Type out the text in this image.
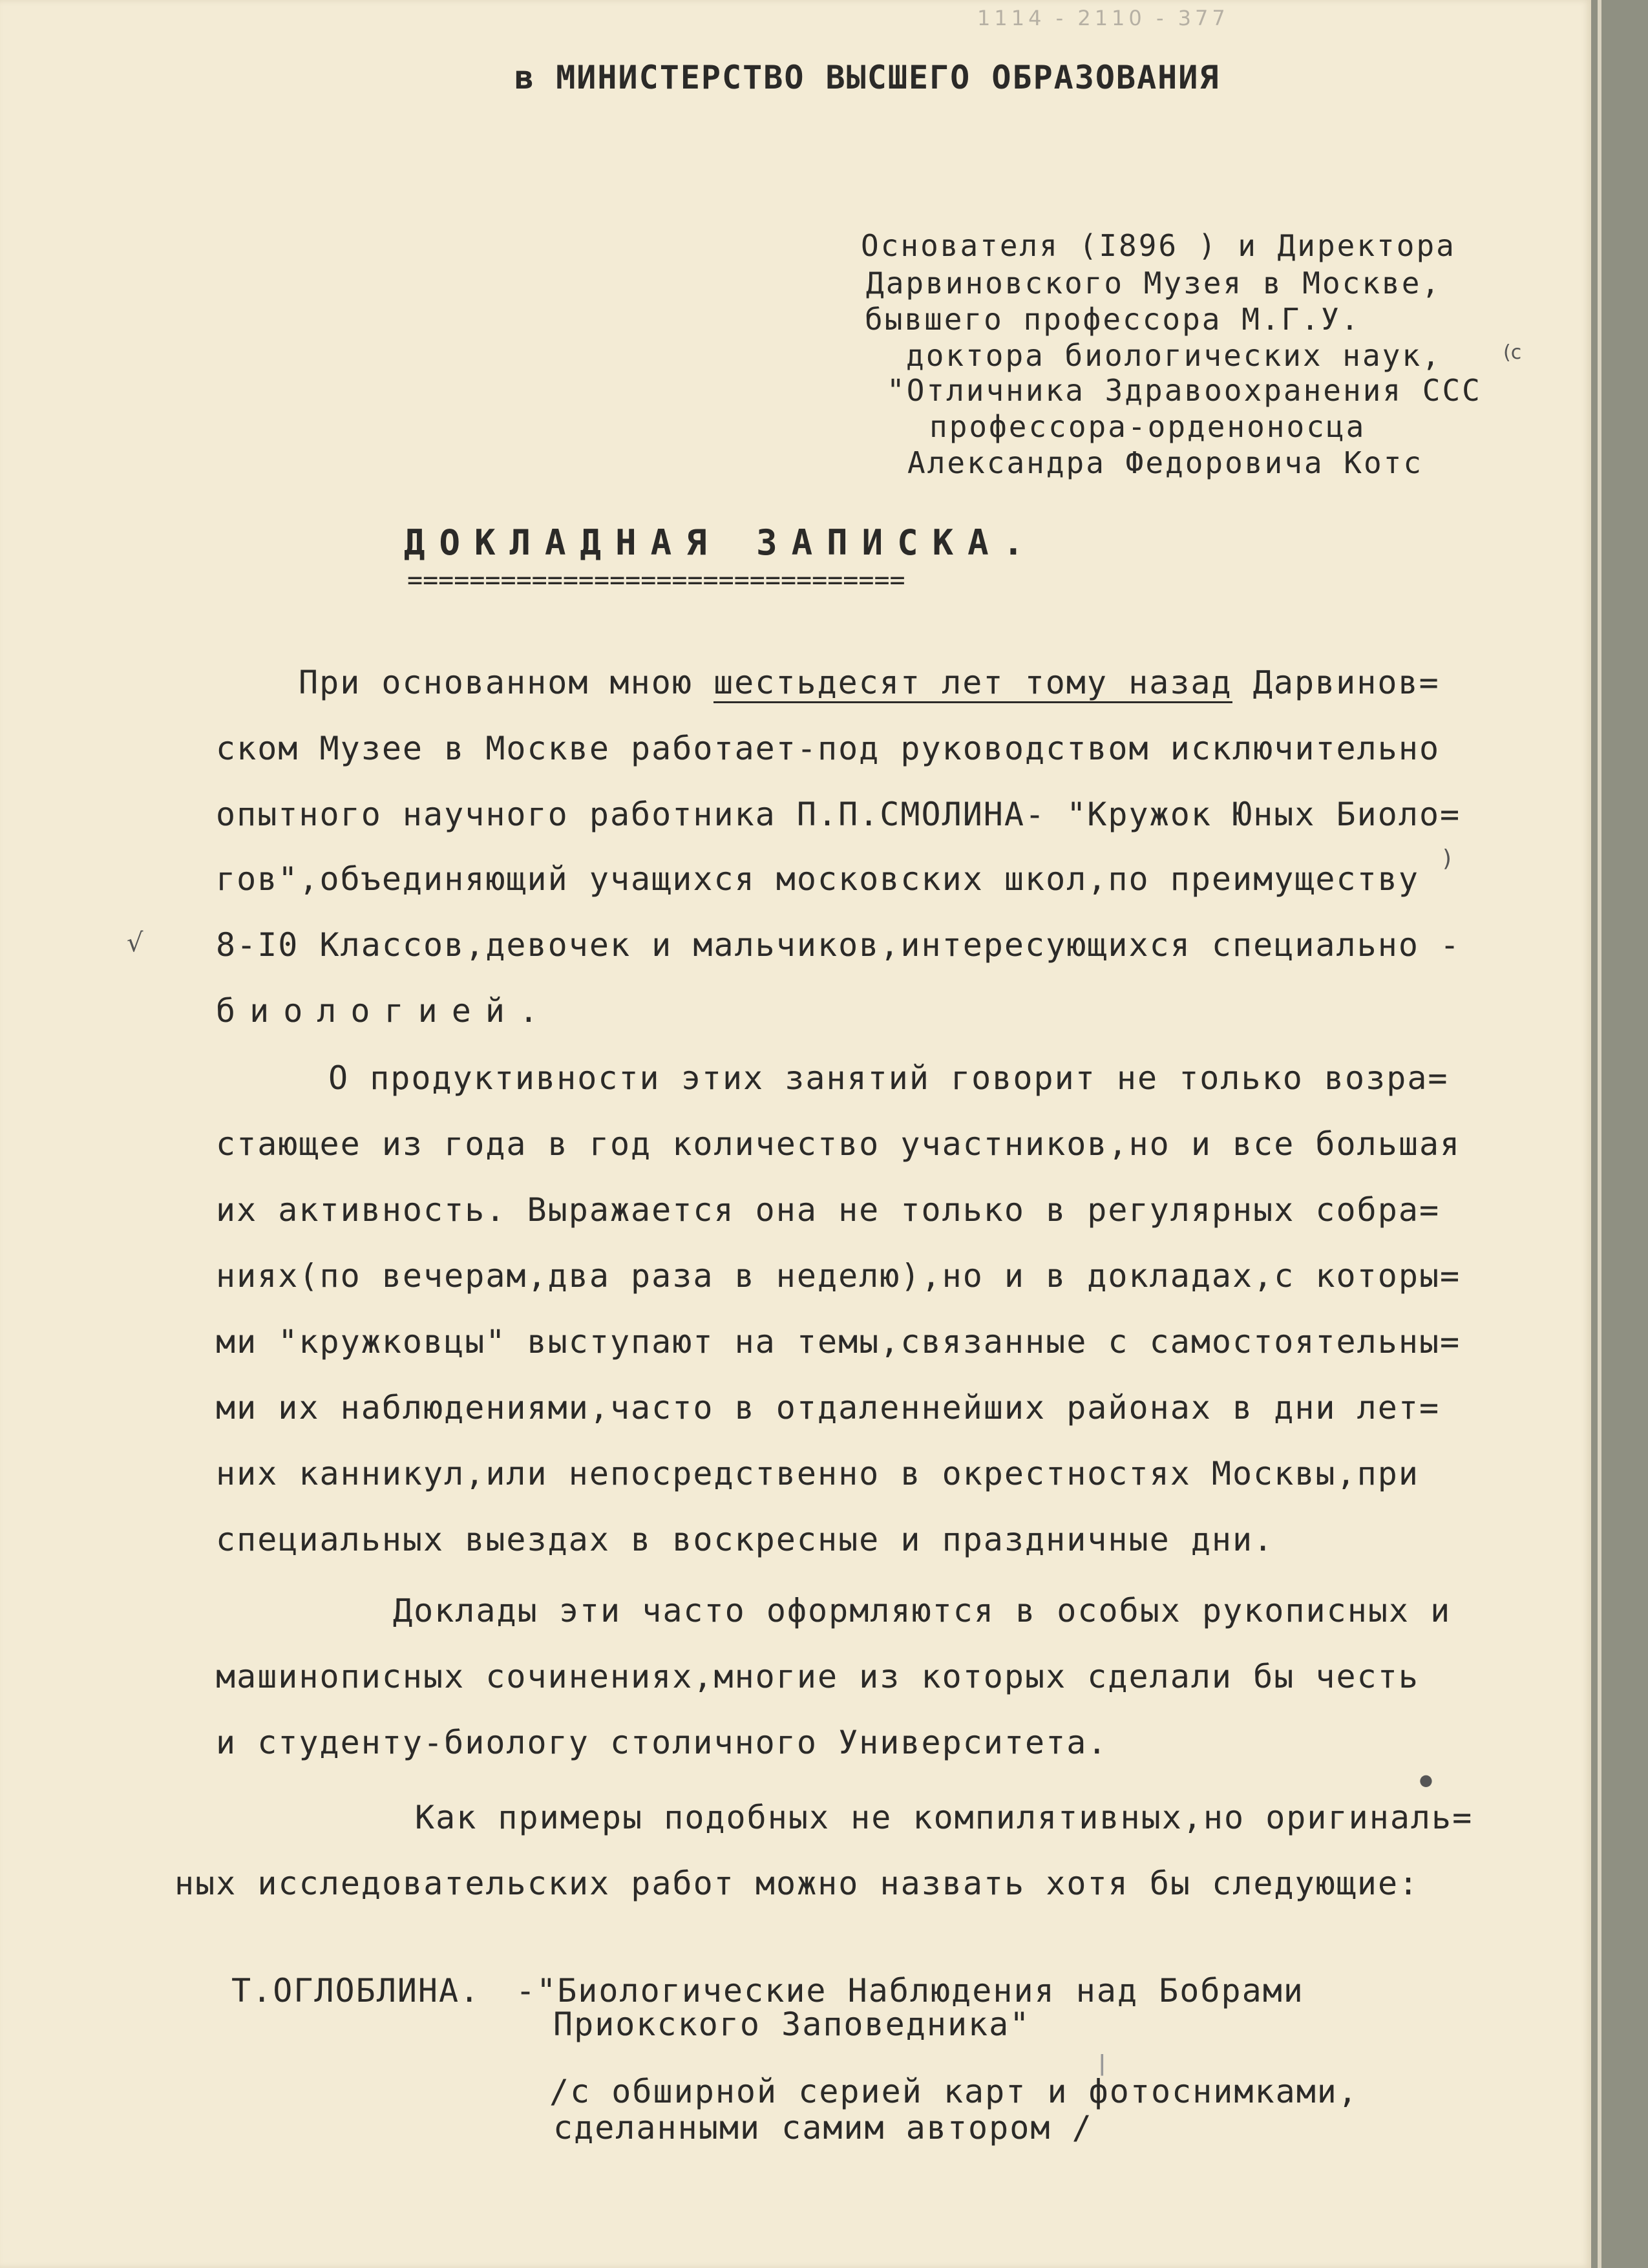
1114 - 2110 - 377
в МИНИСТЕРСТВО ВЫСШЕГО ОБРАЗОВАНИЯ
Основателя (I896 ) и Директора
Дарвиновского Музея в Москве,
бывшего профессора М.Г.У.
доктора биологических наук,
"Отличника Здравоохранения ССС
профессора-орденоносца
Александра Федоровича Котс
ДОКЛАДНАЯ ЗАПИСКА.
================================
При основанном мною шестьдесят лет тому назад Дарвинов=
ском Музее в Москве работает-под руководством исключительно
опытного научного работника П.П.СМОЛИНА- "Кружок Юных Биоло=
гов",объединяющий учащихся московских школ,по преимуществу
8-I0 Классов,девочек и мальчиков,интересующихся специально -
биологией.
О продуктивности этих занятий говорит не только возра=
стающее из года в год количество участников,но и все большая
их активность. Выражается она не только в регулярных собра=
ниях(по вечерам,два раза в неделю),но и в докладах,с которы=
ми "кружковцы" выступают на темы,связанные с самостоятельны=
ми их наблюдениями,часто в отдаленнейших районах в дни лет=
них канникул,или непосредственно в окрестностях Москвы,при
специальных выездах в воскресные и праздничные дни.
Доклады эти часто оформляются в особых рукописных и
машинописных сочинениях,многие из которых сделали бы честь
и студенту-биологу столичного Университета.
Как примеры подобных не компилятивных,но оригиналь=
ных исследовательских работ можно назвать хотя бы следующие:
Т.ОГЛОБЛИНА. -"Биологические Наблюдения над Бобрами
Приокского Заповедника"
/с обширной серией карт и фотоснимками,
сделанными самим автором /
√
)
(c
●
ǀ
